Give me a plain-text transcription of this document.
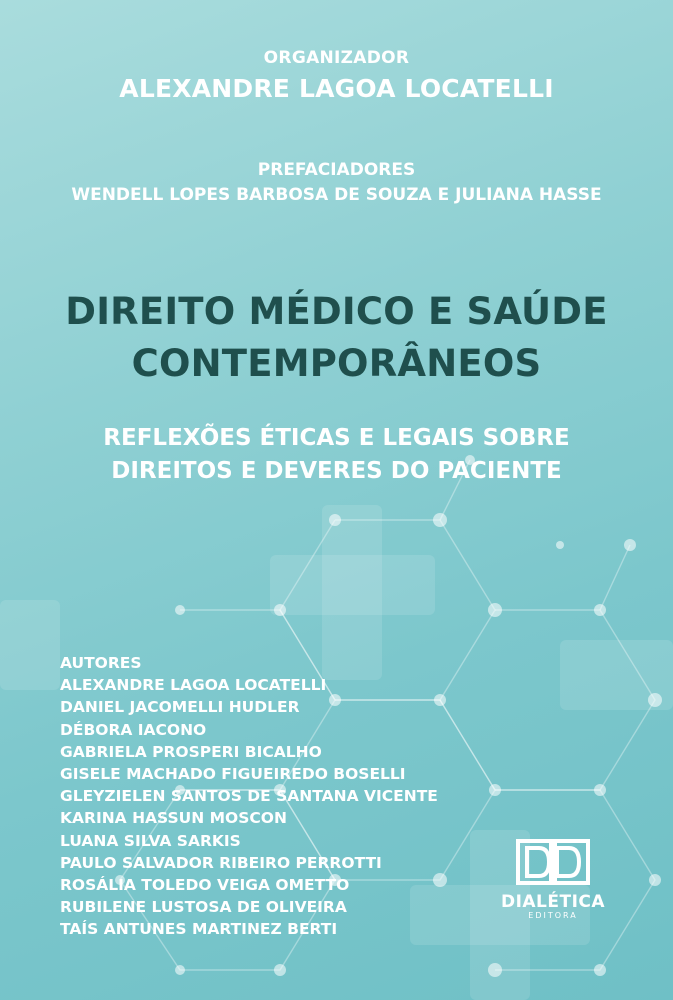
ORGANIZADOR
ALEXANDRE LAGOA LOCATELLI
PREFACIADORES
WENDELL LOPES BARBOSA DE SOUZA E JULIANA HASSE
DIREITO MÉDICO E SAÚDE
CONTEMPORÂNEOS
REFLEXÕES ÉTICAS E LEGAIS SOBRE
DIREITOS E DEVERES DO PACIENTE
AUTORES
ALEXANDRE LAGOA LOCATELLI
DANIEL JACOMELLI HUDLER
DÉBORA IACONO
GABRIELA PROSPERI BICALHO
GISELE MACHADO FIGUEIREDO BOSELLI
GLEYZIELEN SANTOS DE SANTANA VICENTE
KARINA HASSUN MOSCON
LUANA SILVA SARKIS
PAULO SALVADOR RIBEIRO PERROTTI
ROSÁLIA TOLEDO VEIGA OMETTO
RUBILENE LUSTOSA DE OLIVEIRA
TAÍS ANTUNES MARTINEZ BERTI
DIALÉTICA
EDITORA
